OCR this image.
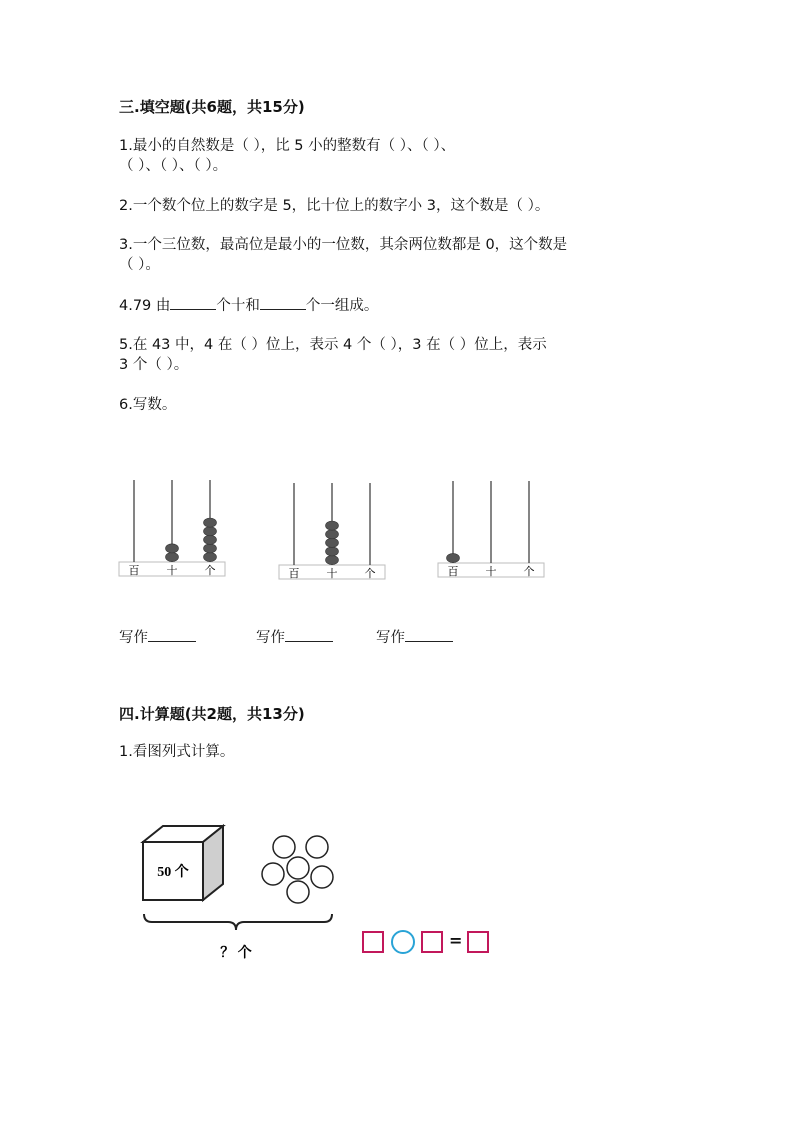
三.填空题(共6题，共15分)
1.最小的自然数是（ ），比 5 小的整数有（ ）、（ ）、
（ ）、（ ）、（ ）。
2.一个数个位上的数字是 5，比十位上的数字小 3，这个数是（ ）。
3.一个三位数，最高位是最小的一位数，其余两位数都是 0，这个数是
（ ）。
4.79 由	个十和	个一组成。
5.在 43 中，4 在（ ）位上，表示 4 个（ ），3 在（ ）位上，表示
3 个（ ）。
6.写数。
百 十 个	百 十 个	百 十 个
写作	写作	写作
四.计算题(共2题，共13分)
1.看图列式计算。
50 个
？ 个
=
